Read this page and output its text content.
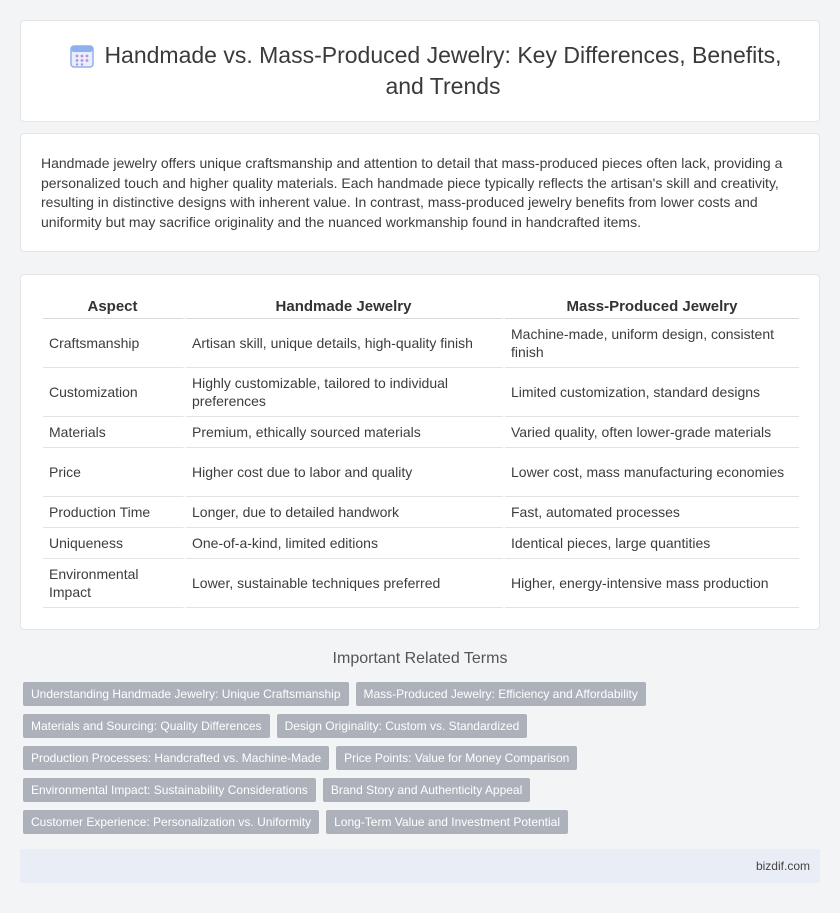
Handmade vs. Mass-Produced Jewelry: Key Differences, Benefits, and Trends

Handmade jewelry offers unique craftsmanship and attention to detail that mass-produced pieces often lack, providing a personalized touch and higher quality materials. Each handmade piece typically reflects the artisan's skill and creativity, resulting in distinctive designs with inherent value. In contrast, mass-produced jewelry benefits from lower costs and uniformity but may sacrifice originality and the nuanced workmanship found in handcrafted items.

Aspect	Handmade Jewelry	Mass-Produced Jewelry
Craftsmanship	Artisan skill, unique details, high-quality finish	Machine-made, uniform design, consistent finish
Customization	Highly customizable, tailored to individual preferences	Limited customization, standard designs
Materials	Premium, ethically sourced materials	Varied quality, often lower-grade materials
Price	Higher cost due to labor and quality	Lower cost, mass manufacturing economies
Production Time	Longer, due to detailed handwork	Fast, automated processes
Uniqueness	One-of-a-kind, limited editions	Identical pieces, large quantities
Environmental Impact	Lower, sustainable techniques preferred	Higher, energy-intensive mass production
Important Related Terms
Understanding Handmade Jewelry: Unique Craftsmanship	Mass-Produced Jewelry: Efficiency and Affordability
Materials and Sourcing: Quality Differences	Design Originality: Custom vs. Standardized
Production Processes: Handcrafted vs. Machine-Made	Price Points: Value for Money Comparison
Environmental Impact: Sustainability Considerations	Brand Story and Authenticity Appeal
Customer Experience: Personalization vs. Uniformity	Long-Term Value and Investment Potential
bizdif.com
